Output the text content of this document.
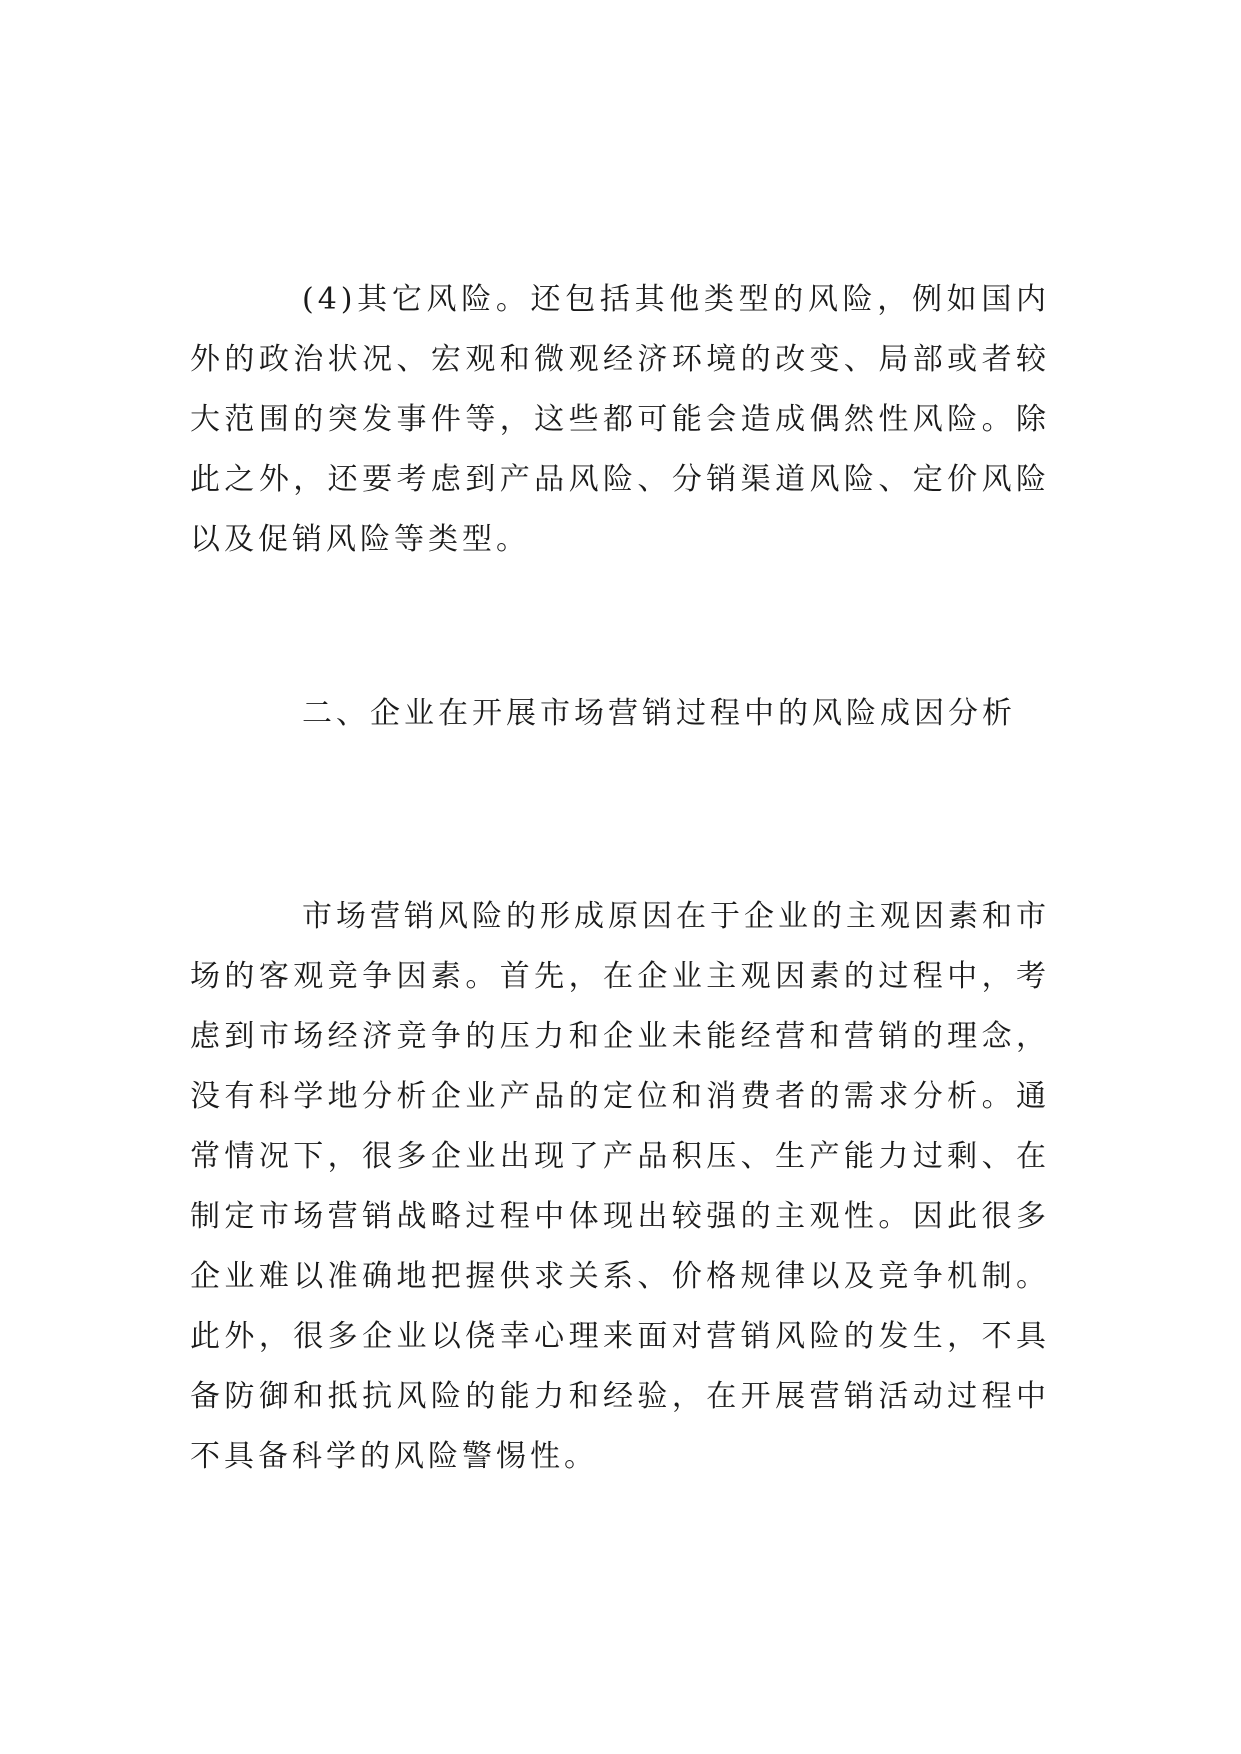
(4)其它风险。还包括其他类型的风险，例如国内外的政治状况、宏观和微观经济环境的改变、局部或者较大范围的突发事件等，这些都可能会造成偶然性风险。除此之外，还要考虑到产品风险、分销渠道风险、定价风险以及促销风险等类型。

二、企业在开展市场营销过程中的风险成因分析

市场营销风险的形成原因在于企业的主观因素和市场的客观竞争因素。首先，在企业主观因素的过程中，考虑到市场经济竞争的压力和企业未能经营和营销的理念，没有科学地分析企业产品的定位和消费者的需求分析。通常情况下，很多企业出现了产品积压、生产能力过剩、在制定市场营销战略过程中体现出较强的主观性。因此很多企业难以准确地把握供求关系、价格规律以及竞争机制。此外，很多企业以侥幸心理来面对营销风险的发生，不具备防御和抵抗风险的能力和经验，在开展营销活动过程中不具备科学的风险警惕性。
